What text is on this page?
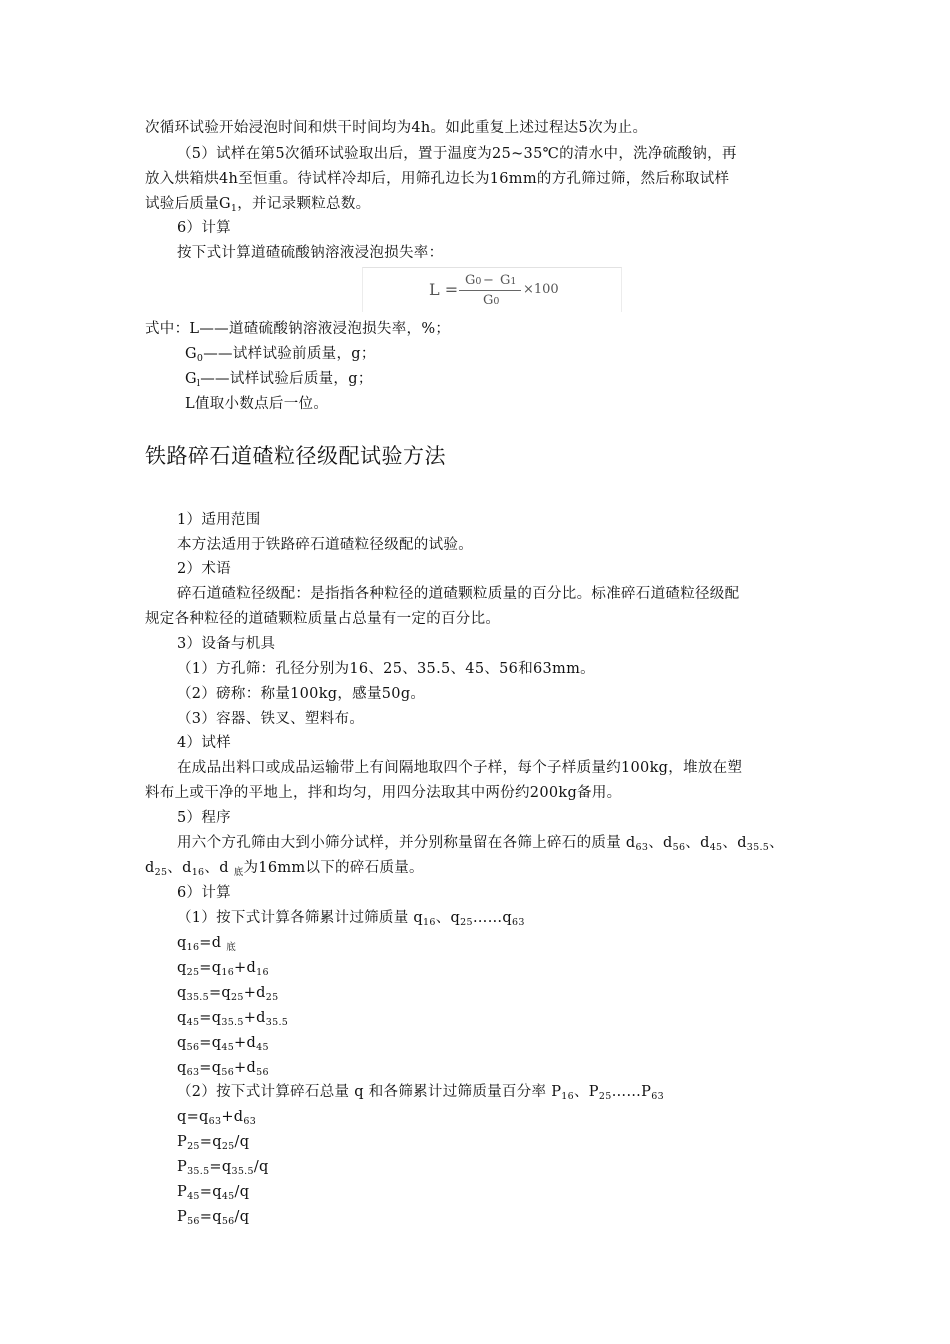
次循环试验开始浸泡时间和烘干时间均为4h。如此重复上述过程达5次为止。
（5）试样在第5次循环试验取出后，置于温度为25~35℃的清水中，洗净硫酸钠，再
放入烘箱烘4h至恒重。待试样冷却后，用筛孔边长为16mm的方孔筛过筛，然后称取试样
试验后质量$G_1$，并记录颗粒总数。
6）计算
按下式计算道碴硫酸钠溶液浸泡损失率：
L = G0 − G1
G0
×100
式中：L——道碴硫酸钠溶液浸泡损失率，%；
$G_0——$试样试验前质量，g；
$G_l——$试样试验后质量，g；
L值取小数点后一位。
铁路碎石道碴粒径级配试验方法
1）适用范围
本方法适用于铁路碎石道碴粒径级配的试验。
2）术语
碎石道碴粒径级配：是指指各种粒径的道碴颗粒质量的百分比。标准碎石道碴粒径级配
规定各种粒径的道碴颗粒质量占总量有一定的百分比。
3）设备与机具
（1）方孔筛：孔径分别为16、25、35.5、45、56和63mm。
（2）磅称：称量100kg，感量50g。
（3）容器、铁叉、塑料布。
4）试样
在成品出料口或成品运输带上有间隔地取四个子样，每个子样质量约100kg，堆放在塑
料布上或干净的平地上，拌和均匀，用四分法取其中两份约200kg备用。
5）程序
用六个方孔筛由大到小筛分试样，并分别称量留在各筛上碎石的质量 $d_{63}$、$d_{56}$、$d_{45}$、$d_{35.5}$、
$d_{25}$、$d_{16}$、d $_底$为16mm以下的碎石质量。
6）计算
（1）按下式计算各筛累计过筛质量 $q_{16}$、$q_{25}\dots\dots q_{63}$
$q_{16}=d$ $_底$
$q_{25}=q_{16}+d_{16}$
$q_{35.5}=q_{25}+d_{25}$
$q_{45}=q_{35.5}+d_{35.5}$
$q_{56}=q_{45}+d_{45}$
$q_{63}=q_{56}+d_{56}$
（2）按下式计算碎石总量 q 和各筛累计过筛质量百分率 $P_{16}$、$P_{25}\dots\dots P_{63}$
$q=q_{63}+d_{63}$
$P_{25}=q_{25}/q$
$P_{35.5}=q_{35.5}/q$
$P_{45}=q_{45}/q$
$P_{56}=q_{56}/q$
